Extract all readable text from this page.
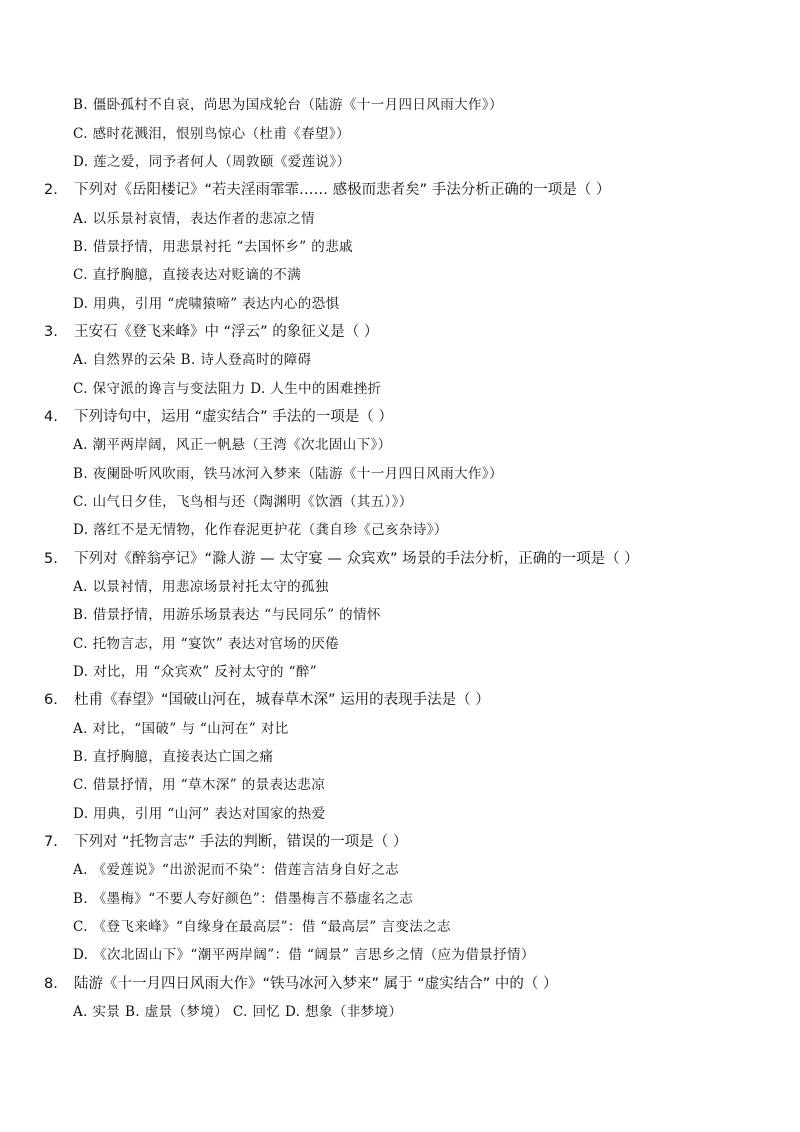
B. 僵卧孤村不自哀，尚思为国戍轮台（陆游《十一月四日风雨大作》）
C. 感时花溅泪，恨别鸟惊心（杜甫《春望》）
D. 莲之爱，同予者何人（周敦颐《爱莲说》）
2. 下列对《岳阳楼记》“若夫淫雨霏霏…… 感极而悲者矣” 手法分析正确的一项是（ ）
A. 以乐景衬哀情，表达作者的悲凉之情
B. 借景抒情，用悲景衬托 “去国怀乡” 的悲戚
C. 直抒胸臆，直接表达对贬谪的不满
D. 用典，引用 “虎啸猿啼” 表达内心的恐惧
3. 王安石《登飞来峰》中 “浮云” 的象征义是（ ）
A. 自然界的云朵 B. 诗人登高时的障碍
C. 保守派的谗言与变法阻力 D. 人生中的困难挫折
4. 下列诗句中，运用 “虚实结合” 手法的一项是（ ）
A. 潮平两岸阔，风正一帆悬（王湾《次北固山下》）
B. 夜阑卧听风吹雨，铁马冰河入梦来（陆游《十一月四日风雨大作》）
C. 山气日夕佳，飞鸟相与还（陶渊明《饮酒（其五）》）
D. 落红不是无情物，化作春泥更护花（龚自珍《己亥杂诗》）
5. 下列对《醉翁亭记》“滁人游 — 太守宴 — 众宾欢” 场景的手法分析，正确的一项是（ ）
A. 以景衬情，用悲凉场景衬托太守的孤独
B. 借景抒情，用游乐场景表达 “与民同乐” 的情怀
C. 托物言志，用 “宴饮” 表达对官场的厌倦
D. 对比，用 “众宾欢” 反衬太守的 “醉”
6. 杜甫《春望》“国破山河在，城春草木深” 运用的表现手法是（ ）
A. 对比，“国破” 与 “山河在” 对比
B. 直抒胸臆，直接表达亡国之痛
C. 借景抒情，用 “草木深” 的景表达悲凉
D. 用典，引用 “山河” 表达对国家的热爱
7. 下列对 “托物言志” 手法的判断，错误的一项是（ ）
A. 《爱莲说》“出淤泥而不染”：借莲言洁身自好之志
B. 《墨梅》“不要人夸好颜色”：借墨梅言不慕虚名之志
C. 《登飞来峰》“自缘身在最高层”：借 “最高层” 言变法之志
D. 《次北固山下》“潮平两岸阔”：借 “阔景” 言思乡之情（应为借景抒情）
8. 陆游《十一月四日风雨大作》“铁马冰河入梦来” 属于 “虚实结合” 中的（ ）
A. 实景 B. 虚景（梦境） C. 回忆 D. 想象（非梦境）
